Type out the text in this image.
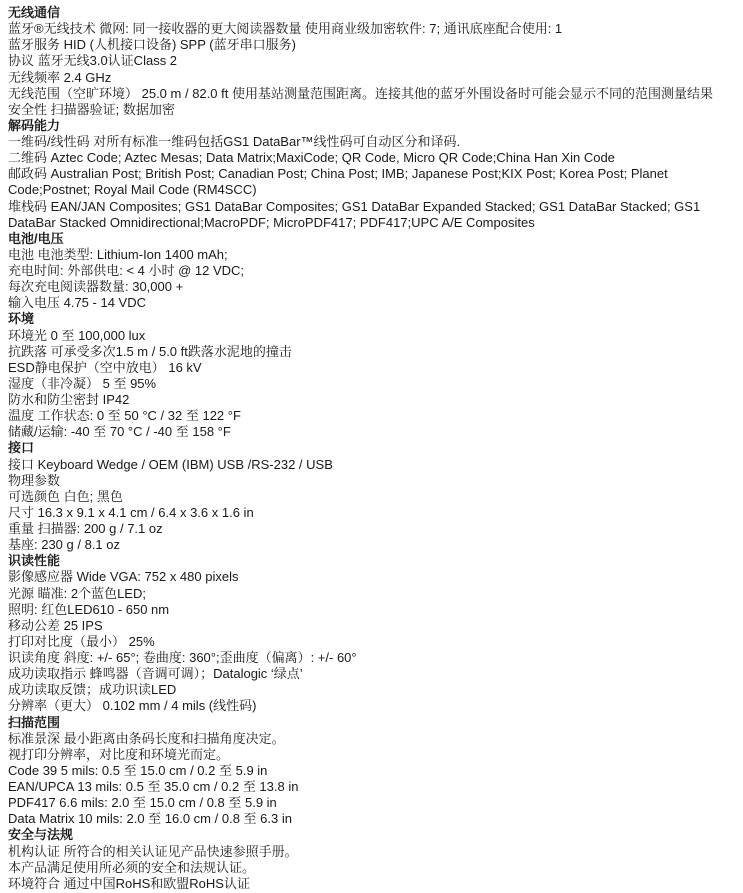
无线通信
蓝牙®无线技术 微网: 同一接收器的更大阅读器数量 使用商业级加密软件: 7; 通讯底座配合使用: 1
蓝牙服务 HID (人机接口设备) SPP (蓝牙串口服务)
协议 蓝牙无线3.0认证Class 2
无线频率 2.4 GHz
无线范围（空旷环境） 25.0 m / 82.0 ft 使用基站测量范围距离。连接其他的蓝牙外围设备时可能会显示不同的范围测量结果
安全性 扫描器验证; 数据加密
解码能力
一维码/线性码 对所有标准一维码包括GS1 DataBar™线性码可自动区分和译码.
二维码 Aztec Code; Aztec Mesas; Data Matrix;MaxiCode; QR Code, Micro QR Code;China Han Xin Code
邮政码 Australian Post; British Post; Canadian Post; China Post; IMB; Japanese Post;KIX Post; Korea Post; Planet
Code;Postnet; Royal Mail Code (RM4SCC)
堆栈码 EAN/JAN Composites; GS1 DataBar Composites; GS1 DataBar Expanded Stacked; GS1 DataBar Stacked; GS1
DataBar Stacked Omnidirectional;MacroPDF; MicroPDF417; PDF417;UPC A/E Composites
电池/电压
电池 电池类型: Lithium-Ion 1400 mAh;
充电时间: 外部供电: < 4 小时 @ 12 VDC;
每次充电阅读器数量: 30,000 +
输入电压 4.75 - 14 VDC
环境
环境光 0 至 100,000 lux
抗跌落 可承受多次1.5 m / 5.0 ft跌落水泥地的撞击
ESD静电保护（空中放电） 16 kV
湿度（非冷凝） 5 至 95%
防水和防尘密封 IP42
温度 工作状态: 0 至 50 °C / 32 至 122 °F
储藏/运输: -40 至 70 °C / -40 至 158 °F
接口
接口 Keyboard Wedge / OEM (IBM) USB /RS-232 / USB
物理参数
可选颜色 白色; 黑色
尺寸 16.3 x 9.1 x 4.1 cm / 6.4 x 3.6 x 1.6 in
重量 扫描器: 200 g / 7.1 oz
基座: 230 g / 8.1 oz
识读性能
影像感应器 Wide VGA: 752 x 480 pixels
光源 瞄准: 2个蓝色LED;
照明: 红色LED610 - 650 nm
移动公差 25 IPS
打印对比度（最小） 25%
识读角度 斜度: +/- 65°; 卷曲度: 360°;歪曲度（偏离）: +/- 60°
成功读取指示 蜂鸣器（音调可调）；Datalogic ‘绿点’
成功读取反馈；成功识读LED
分辨率（更大） 0.102 mm / 4 mils (线性码)
扫描范围
标准景深 最小距离由条码长度和扫描角度决定。
视打印分辨率，对比度和环境光而定。
Code 39 5 mils: 0.5 至 15.0 cm / 0.2 至 5.9 in
EAN/UPCA 13 mils: 0.5 至 35.0 cm / 0.2 至 13.8 in
PDF417 6.6 mils: 2.0 至 15.0 cm / 0.8 至 5.9 in
Data Matrix 10 mils: 2.0 至 16.0 cm / 0.8 至 6.3 in
安全与法规
机构认证 所符合的相关认证见产品快速参照手册。
本产品满足使用所必须的安全和法规认证。
环境符合 通过中国RoHS和欧盟RoHS认证
